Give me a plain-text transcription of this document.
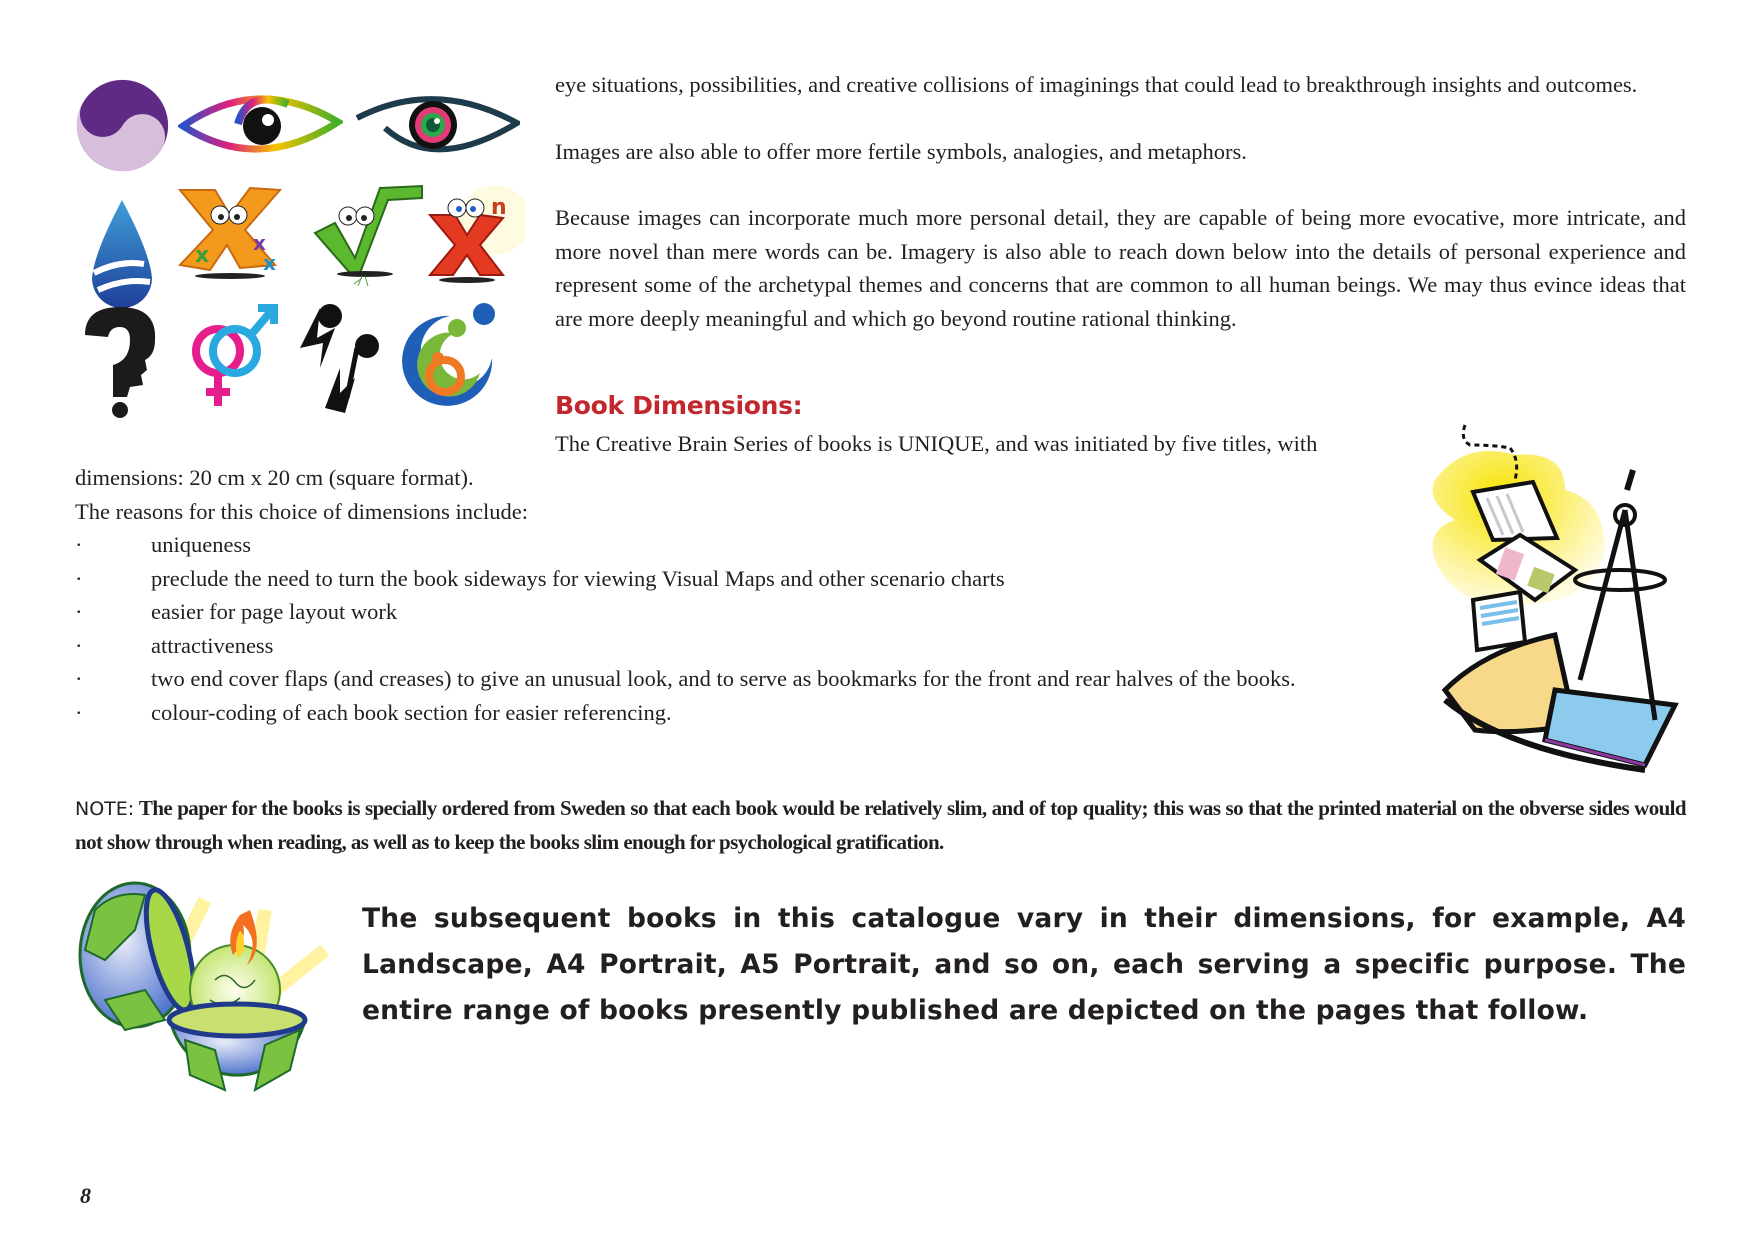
x x
x
n

eye situations, possibilities, and creative collisions of imaginings that could lead to breakthrough insights and outcomes.

Images are also able to offer more fertile symbols, analogies, and metaphors.

Because images can incorporate much more personal detail, they are capable of being more evocative, more intricate, and more novel than mere words can be. Imagery is also able to reach down below into the details of personal experience and represent some of the archetypal themes and concerns that are common to all human beings. We may thus evince ideas that are more deeply meaningful and which go beyond routine rational thinking.

Book Dimensions:
The Creative Brain Series of books is UNIQUE, and was initiated by five titles, with

dimensions: 20 cm x 20 cm (square format).

The reasons for this choice of dimensions include:

·	uniqueness
·	preclude the need to turn the book sideways for viewing Visual Maps and other scenario charts
·	easier for page layout work
·	attractiveness
·	two end cover flaps (and creases) to give an unusual look, and to serve as bookmarks for the front and rear halves of the books.
·	colour-coding of each book section for easier referencing.
NOTE: The paper for the books is specially ordered from Sweden so that each book would be relatively slim, and of top quality; this was so that the printed material on the obverse sides would not show through when reading, as well as to keep the books slim enough for psychological gratification.
The subsequent books in this catalogue vary in their dimensions, for example, A4 Landscape, A4 Portrait, A5 Portrait, and so on, each serving a specific purpose. The entire range of books presently published are depicted on the pages that follow.
8
